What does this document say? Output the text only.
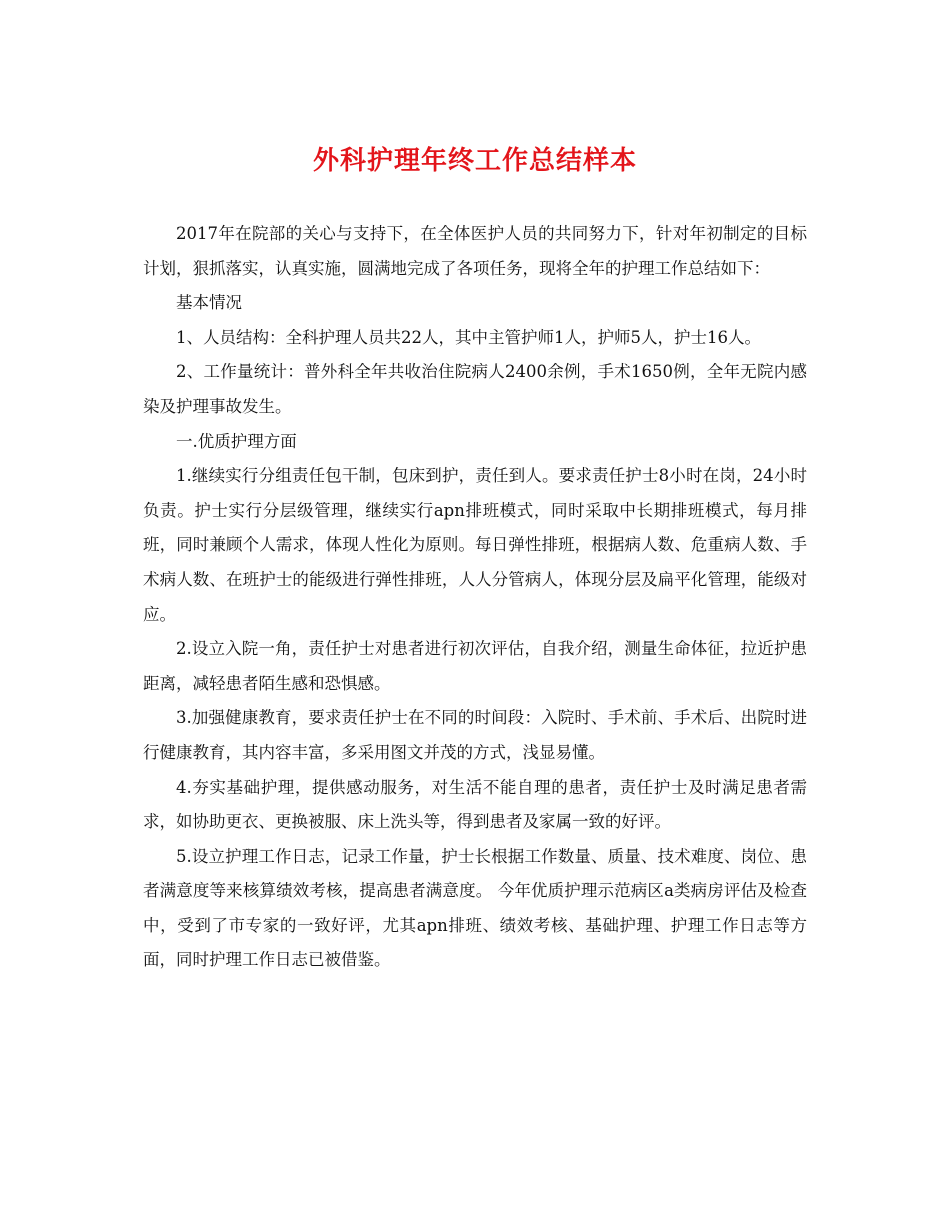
外科护理年终工作总结样本

2017年在院部的关心与支持下，在全体医护人员的共同努力下，针对年初制定的目标计划，狠抓落实，认真实施，圆满地完成了各项任务，现将全年的护理工作总结如下：

基本情况

1、人员结构：全科护理人员共22人，其中主管护师1人，护师5人，护士16人。

2、工作量统计：普外科全年共收治住院病人2400余例，手术1650例，全年无院内感染及护理事故发生。

一.优质护理方面

1.继续实行分组责任包干制，包床到护，责任到人。要求责任护士8小时在岗，24小时负责。护士实行分层级管理，继续实行apn排班模式，同时采取中长期排班模式，每月排班，同时兼顾个人需求，体现人性化为原则。每日弹性排班，根据病人数、危重病人数、手术病人数、在班护士的能级进行弹性排班，人人分管病人，体现分层及扁平化管理，能级对应。

2.设立入院一角，责任护士对患者进行初次评估，自我介绍，测量生命体征，拉近护患距离，减轻患者陌生感和恐惧感。

3.加强健康教育，要求责任护士在不同的时间段：入院时、手术前、手术后、出院时进行健康教育，其内容丰富，多采用图文并茂的方式，浅显易懂。

4.夯实基础护理，提供感动服务，对生活不能自理的患者，责任护士及时满足患者需求，如协助更衣、更换被服、床上洗头等，得到患者及家属一致的好评。

5.设立护理工作日志，记录工作量，护士长根据工作数量、质量、技术难度、岗位、患者满意度等来核算绩效考核，提高患者满意度。 今年优质护理示范病区a类病房评估及检查中，受到了市专家的一致好评，尤其apn排班、绩效考核、基础护理、护理工作日志等方面，同时护理工作日志已被借鉴。
